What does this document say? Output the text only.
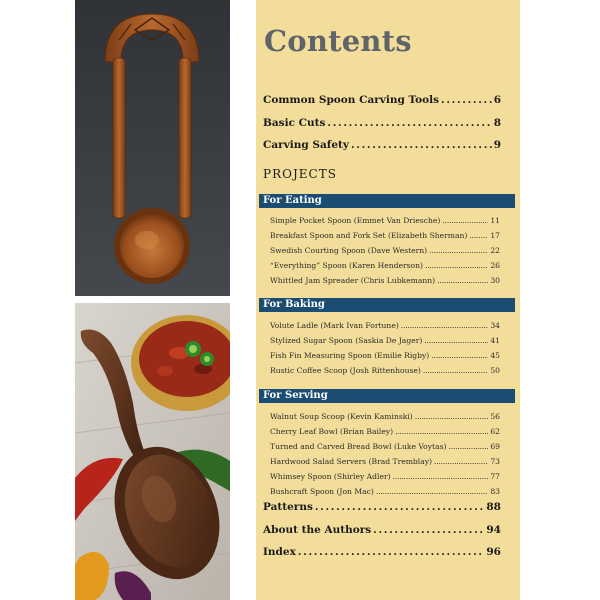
Contents
Common Spoon Carving Tools . . .	6
Basic Cuts . . .	8
Carving Safety . . .	9
PROJECTS
For Eating
Simple Pocket Spoon (Emmet Van Driesche) . . .	11
Breakfast Spoon and Fork Set (Elizabeth Sherman) . . .	17
Swedish Courting Spoon (Dave Western) . . .	22
“Everything” Spoon (Karen Henderson) . . .	26
Whittled Jam Spreader (Chris Lubkemann) . . .	30
For Baking
Volute Ladle (Mark Ivan Fortune) . . .	34
Stylized Sugar Spoon (Saskia De Jager) . . .	41
Fish Fin Measuring Spoon (Emilie Rigby) . . .	45
Rustic Coffee Scoop (Josh Rittenhouse) . . .	50
For Serving
Walnut Soup Scoop (Kevin Kaminski) . . .	56
Cherry Leaf Bowl (Brian Bailey) . . .	62
Turned and Carved Bread Bowl (Luke Voytas) . . .	69
Hardwood Salad Servers (Brad Tremblay) . . .	73
Whimsey Spoon (Shirley Adler) . . .	77
Bushcraft Spoon (Jon Mac) . . .	83
Patterns . . .	88
About the Authors . . .	94
Index . . .	96
